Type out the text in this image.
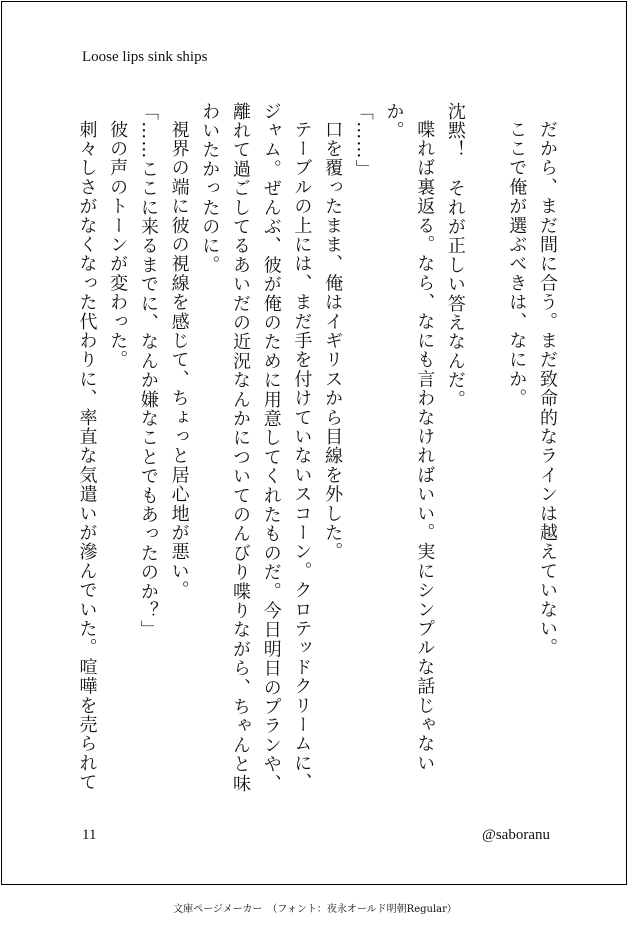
Loose lips sink ships

だから、まだ間に合う。まだ致命的なラインは越えていない。

ここで俺が選ぶべきは、なにか。

沈黙！　それが正しい答えなんだ。

喋れば裏返る。なら、なにも言わなければいい。実にシンプルな話じゃないか。

「……」

口を覆ったまま、俺はイギリスから目線を外した。

テーブルの上には、まだ手を付けていないスコーン。クロテッドクリームに、ジャム。ぜんぶ、彼が俺のために用意してくれたものだ。今日明日のプランや、離れて過ごしてるあいだの近況なんかについてのんびり喋りながら、ちゃんと味わいたかったのに。

視界の端に彼の視線を感じて、ちょっと居心地が悪い。

「……ここに来るまでに、なんか嫌なことでもあったのか？」

彼の声のトーンが変わった。

刺々しさがなくなった代わりに、率直な気遣いが滲んでいた。喧嘩を売られて

11	@saboranu
文庫ページメーカー　（フォント：夜永オールド明朝Regular）
